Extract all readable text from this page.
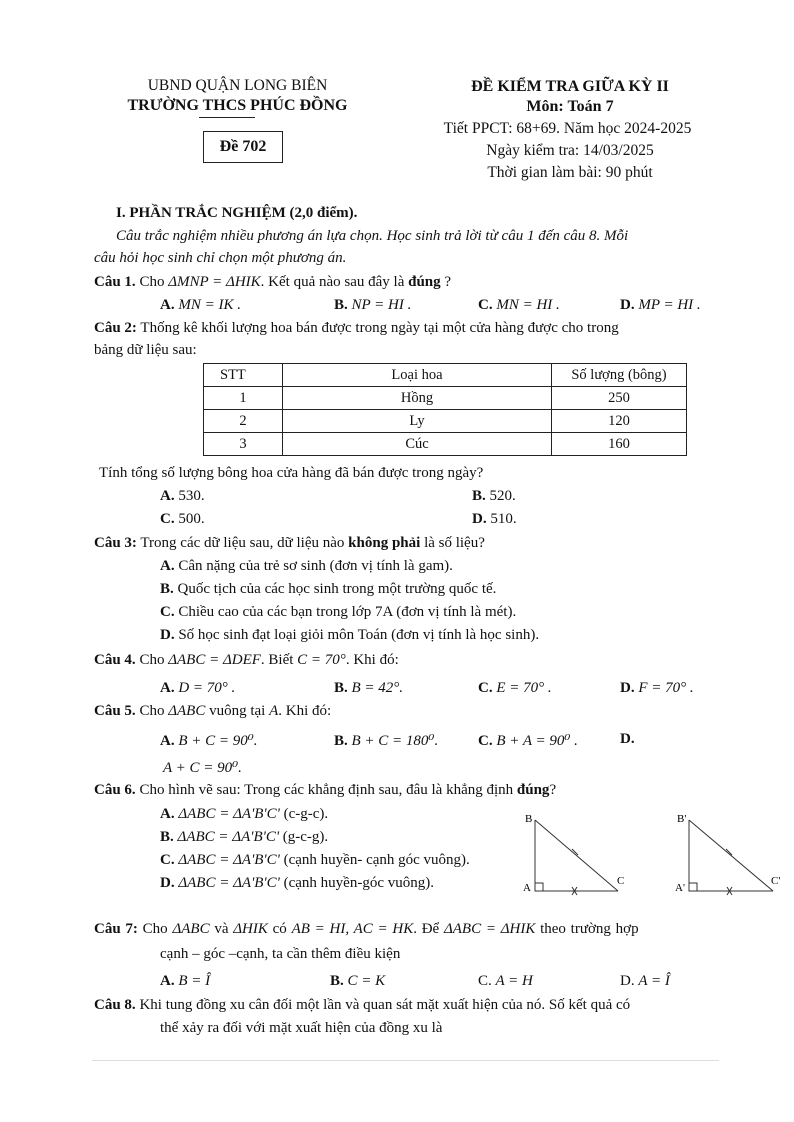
UBND QUẬN LONG BIÊN
TRƯỜNG THCS PHÚC ĐỒNG
Đề 702
ĐỀ KIỂM TRA GIỮA KỲ II
Môn: Toán 7
Tiết PPCT: 68+69. Năm học 2024-2025
Ngày kiểm tra: 14/03/2025
Thời gian làm bài: 90 phút
I. PHẦN TRẮC NGHIỆM (2,0 điểm).
Câu trắc nghiệm nhiều phương án lựa chọn. Học sinh trả lời từ câu 1 đến câu 8. Mỗi
câu hỏi học sinh chỉ chọn một phương án.
Câu 1. Cho ΔMNP = ΔHIK. Kết quả nào sau đây là đúng ?
A. MN = IK .	B. NP = HI .	C. MN = HI .	D. MP = HI .
Câu 2: Thống kê khối lượng hoa bán được trong ngày tại một cửa hàng được cho trong
bảng dữ liệu sau:
STT	Loại hoa	Số lượng (bông)
1	Hồng	250
2	Ly	120
3	Cúc	160
Tính tổng số lượng bông hoa cửa hàng đã bán được trong ngày?
A. 530.	B. 520.
C. 500.	D. 510.
Câu 3: Trong các dữ liệu sau, dữ liệu nào không phải là số liệu?
A. Cân nặng của trẻ sơ sinh (đơn vị tính là gam).
B. Quốc tịch của các học sinh trong một trường quốc tế.
C. Chiều cao của các bạn trong lớp 7A (đơn vị tính là mét).
D. Số học sinh đạt loại giỏi môn Toán (đơn vị tính là học sinh).
Câu 4. Cho ΔABC = ΔDEF. Biết C = 70°. Khi đó:
A. D = 70° .	B. B = 42°.	C. E = 70° .	D. F = 70° .
Câu 5. Cho ΔABC vuông tại A. Khi đó:
A. B + C = 90⁰.	B. B + C = 180⁰.	C. B + A = 90⁰ .	D.
A + C = 90⁰.
Câu 6. Cho hình vẽ sau: Trong các khẳng định sau, đâu là khẳng định đúng?
A. ΔABC = ΔA'B'C' (c-g-c).
B. ΔABC = ΔA'B'C' (g-c-g).
C. ΔABC = ΔA'B'C' (cạnh huyền- cạnh góc vuông).
D. ΔABC = ΔA'B'C' (cạnh huyền-góc vuông).
B
A
C
B'
A'
C'
Câu 7: Cho ΔABC và ΔHIK có AB = HI, AC = HK. Để ΔABC = ΔHIK theo trường hợp
cạnh – góc –cạnh, ta cần thêm điều kiện
A. B = Î	B. C = K	C. A = H	D. A = Î
Câu 8. Khi tung đồng xu cân đối một lần và quan sát mặt xuất hiện của nó. Số kết quả có
thể xảy ra đối với mặt xuất hiện của đồng xu là
